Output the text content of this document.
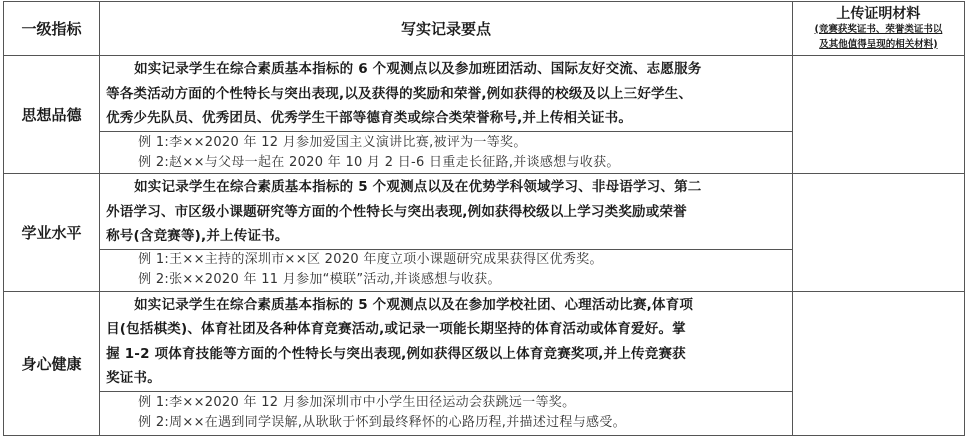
一级指标	写实记录要点	上传证明材料
(竞赛获奖证书、荣誉类证书以
及其他值得呈现的相关材料)

思想品德	如实记录学生在综合素质基本指标的 6 个观测点以及参加班团活动、国际友好交流、志愿服务
等各类活动方面的个性特长与突出表现,以及获得的奖励和荣誉,例如获得的校级及以上三好学生、
优秀少先队员、优秀团员、优秀学生干部等德育类或综合类荣誉称号,并上传相关证书。	

	例 1:李××2020 年 12 月参加爱国主义演讲比赛,被评为一等奖。
例 2:赵××与父母一起在 2020 年 10 月 2 日-6 日重走长征路,并谈感想与收获。	

学业水平	如实记录学生在综合素质基本指标的 5 个观测点以及在优势学科领域学习、非母语学习、第二
外语学习、市区级小课题研究等方面的个性特长与突出表现,例如获得校级以上学习类奖励或荣誉
称号(含竞赛等),并上传证书。	

	例 1:王××主持的深圳市××区 2020 年度立项小课题研究成果获得区优秀奖。
例 2:张××2020 年 11 月参加“模联”活动,并谈感想与收获。	

身心健康	如实记录学生在综合素质基本指标的 5 个观测点以及在参加学校社团、心理活动比赛,体育项
目(包括棋类)、体育社团及各种体育竞赛活动,或记录一项能长期坚持的体育活动或体育爱好。掌
握 1-2 项体育技能等方面的个性特长与突出表现,例如获得区级以上体育竞赛奖项,并上传竞赛获
奖证书。	

	例 1:李××2020 年 12 月参加深圳市中小学生田径运动会获跳远一等奖。
例 2:周××在遇到同学误解,从耿耿于怀到最终释怀的心路历程,并描述过程与感受。	
